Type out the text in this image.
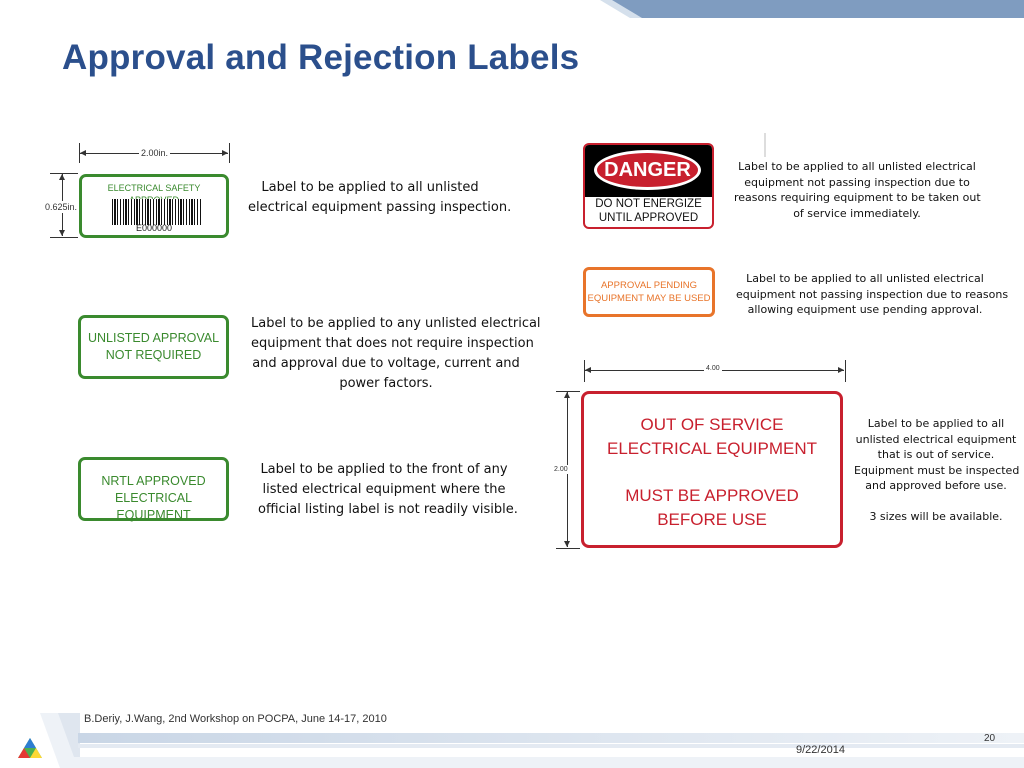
Approval and Rejection Labels
2.00in.
0.625in.
ELECTRICAL SAFETY
E000000
Label to be applied to all unlisted
electrical equipment passing inspection.
UNLISTED APPROVAL
NOT REQUIRED
Label to be applied to any unlisted electrical
equipment that does not require inspection
and approval due to voltage, current and
power factors.
NRTL APPROVED
ELECTRICAL EQUIPMENT
Label to be applied to the front of any
listed electrical equipment where the
official listing label is not readily visible.
DANGER
DO NOT ENERGIZE
UNTIL APPROVED
Label to be applied to all unlisted electrical
equipment not passing inspection due to
reasons requiring equipment to be taken out
of service immediately.
APPROVAL PENDING
EQUIPMENT MAY BE USED
Label to be applied to all unlisted electrical
equipment not passing inspection due to reasons
allowing equipment use pending approval.
4.00
2.00
OUT OF SERVICE
ELECTRICAL EQUIPMENT
MUST BE APPROVED
BEFORE USE
Label to be applied to all
unlisted electrical equipment
that is out of service.
Equipment must be inspected
and approved before use.
3 sizes will be available.
B.Deriy, J.Wang, 2nd Workshop on POCPA, June 14-17, 2010
20
9/22/2014
